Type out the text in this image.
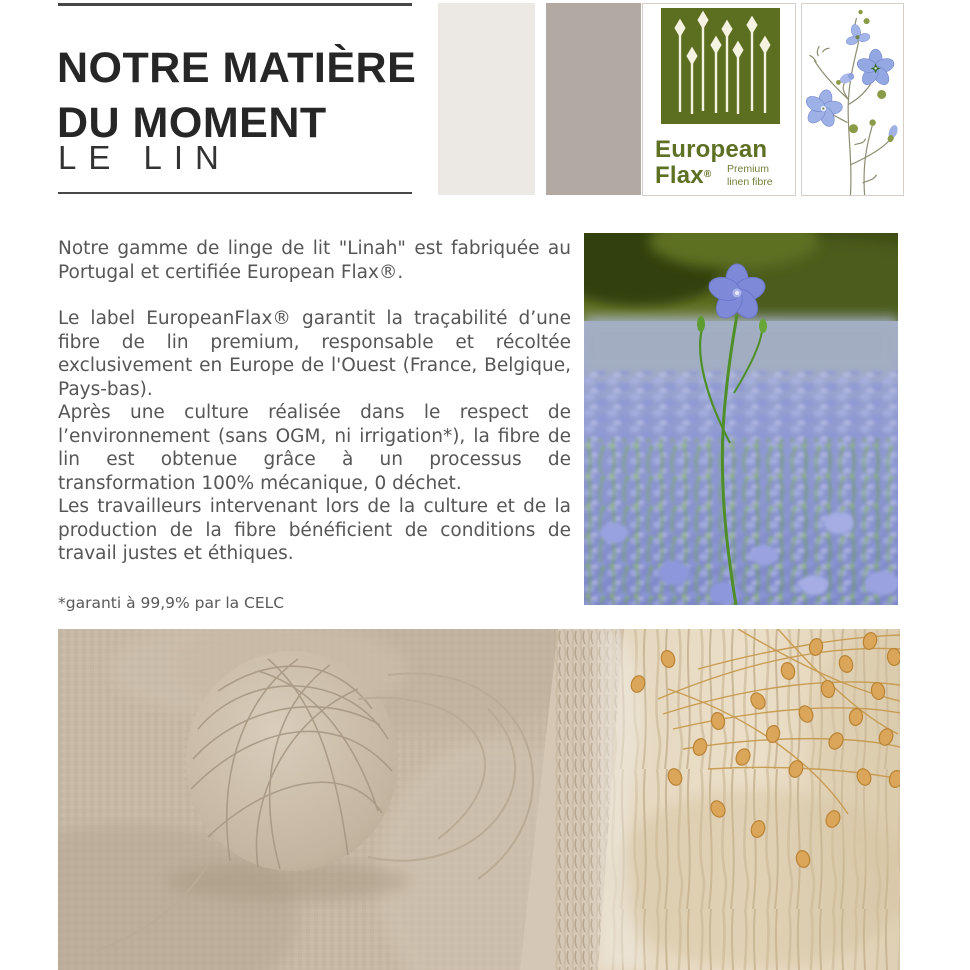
NOTRE MATIÈRE
DU MOMENT
LE LIN	European
Flax® Premium
linen fibre

Notre gamme de linge de lit "Linah" est fabriquée au Portugal et certifiée European Flax®.

Le label EuropeanFlax® garantit la traçabilité d’une fibre de lin premium, responsable et récoltée exclusivement en Europe de l'Ouest (France, Belgique, Pays-bas).

Après une culture réalisée dans le respect de l’environnement (sans OGM, ni irrigation*), la fibre de lin est obtenue grâce à un processus de transformation 100% mécanique, 0 déchet.

Les travailleurs intervenant lors de la culture et de la production de la fibre bénéficient de conditions de travail justes et éthiques.

*garanti à 99,9% par la CELC
